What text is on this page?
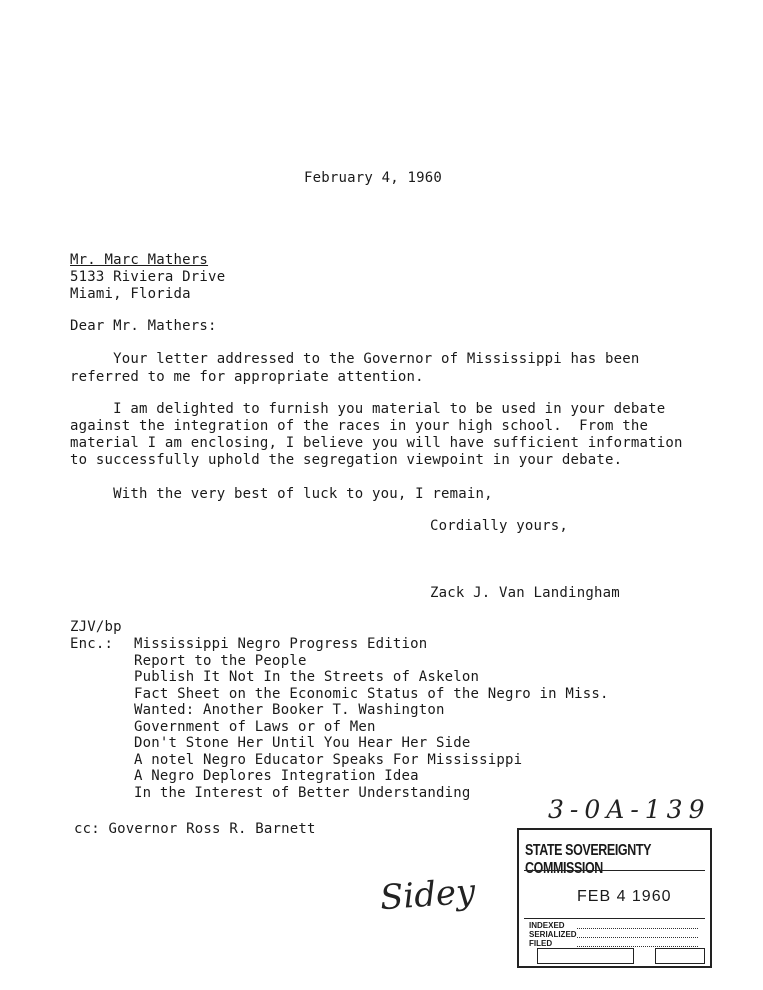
February 4, 1960
Mr. Marc Mathers
5133 Riviera Drive
Miami, Florida
Dear Mr. Mathers:
Your letter addressed to the Governor of Mississippi has been
referred to me for appropriate attention.
I am delighted to furnish you material to be used in your debate
against the integration of the races in your high school.  From the
material I am enclosing, I believe you will have sufficient information
to successfully uphold the segregation viewpoint in your debate.
With the very best of luck to you, I remain,
Cordially yours,
Zack J. Van Landingham
ZJV/bp
Enc.: Mississippi Negro Progress Edition
Report to the People
Publish It Not In the Streets of Askelon
Fact Sheet on the Economic Status of the Negro in Miss.
Wanted: Another Booker T. Washington
Government of Laws or of Men
Don't Stone Her Until You Hear Her Side
A notel Negro Educator Speaks For Mississippi
A Negro Deplores Integration Idea
In the Interest of Better Understanding
cc: Governor Ross R. Barnett
3-0A-139
Sidey
STATE SOVEREIGNTY COMMISSION
FEB 4 1960
INDEXED
SERIALIZED
FILED
